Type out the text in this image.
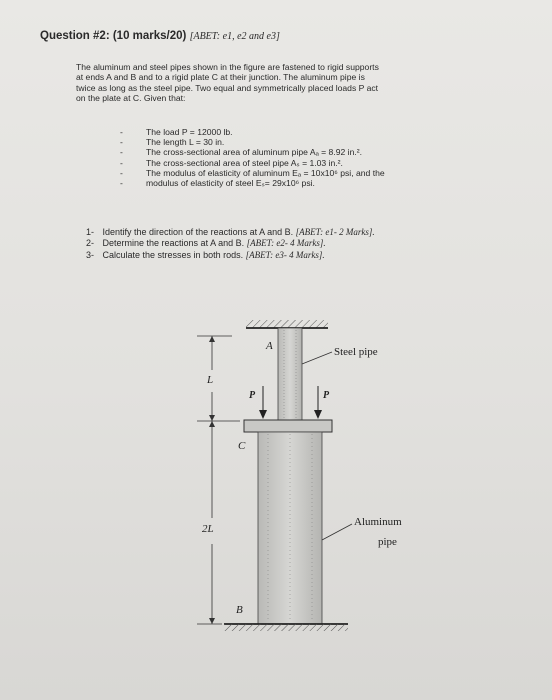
Question #2: (10 marks/20) [ABET: e1, e2 and e3]

The aluminum and steel pipes shown in the figure are fastened to rigid supports

at ends A and B and to a rigid plate C at their junction. The aluminum pipe is

twice as long as the steel pipe. Two equal and symmetrically placed loads P act

on the plate at C. Given that:

- The load P = 12000 lb.
- The length L = 30 in.
- The cross-sectional area of aluminum pipe Aₐ = 8.92 in.².
- The cross-sectional area of steel pipe Aₛ = 1.03 in.².
- The modulus of elasticity of aluminum Eₐ = 10x10⁶ psi, and the
- modulus of elasticity of steel Eₛ= 29x10⁶ psi.
1- Identify the direction of the reactions at A and B. [ABET: e1- 2 Marks].
2- Determine the reactions at A and B. [ABET: e2- 4 Marks].
3- Calculate the stresses in both rods. [ABET: e3- 4 Marks].
A
B
C
L
2L
P	P
Steel pipe
Aluminum
pipe
